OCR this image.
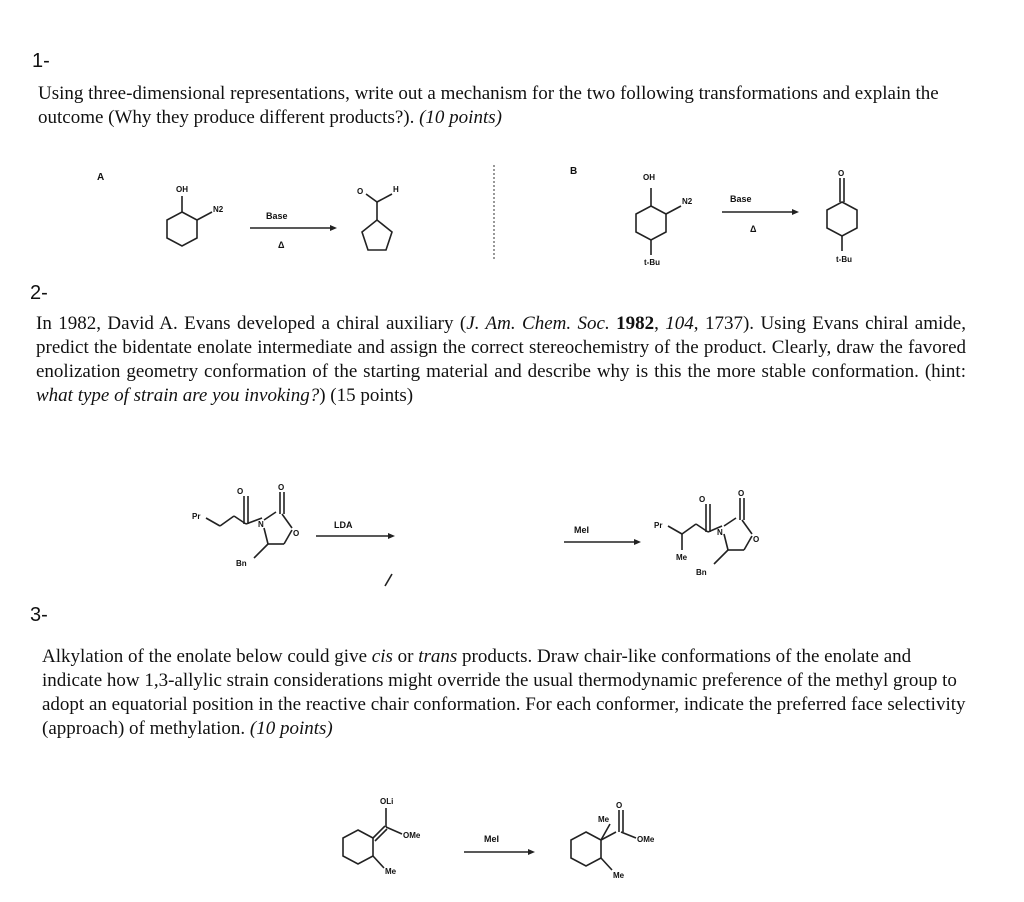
1-
Using three-dimensional representations, write out a mechanism for the two following transformations and explain the outcome (Why they produce different products?). (10 points)
A
OH
N2
Base
Δ
O	H
B
OH
N2
t-Bu
Base
Δ
O
t-Bu
2-
In 1982, David A. Evans developed a chiral auxiliary (J. Am. Chem. Soc. 1982, 104, 1737). Using Evans chiral amide, predict the bidentate enolate intermediate and assign the correct stereochemistry of the product. Clearly, draw the favored enolization geometry conformation of the starting material and describe why is this the more stable conformation. (hint: what type of strain are you invoking?) (15 points)
Pr
O	O
N
O
Bn
LDA	MeI	Pr
O
O
N
O
Me
Bn
3-
Alkylation of the enolate below could give cis or trans products. Draw chair-like conformations of the enolate and indicate how 1,3-allylic strain considerations might override the usual thermodynamic preference of the methyl group to adopt an equatorial position in the reactive chair conformation. For each conformer, indicate the preferred face selectivity (approach) of methylation. (10 points)
OLi
OMe
Me
MeI
O
Me
OMe
Me
